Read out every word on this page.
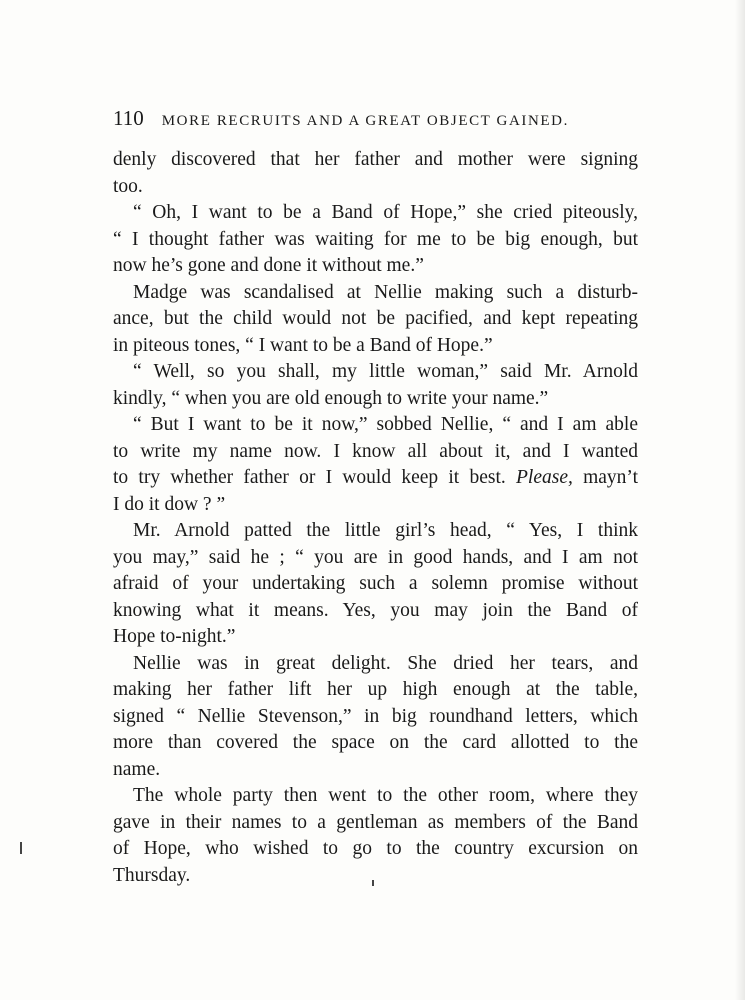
110 MORE RECRUITS AND A GREAT OBJECT GAINED.

denly discovered that her father and mother were signing
too.

“ Oh, I want to be a Band of Hope,” she cried piteously,
“ I thought father was waiting for me to be big enough, but
now he’s gone and done it without me.”

Madge was scandalised at Nellie making such a disturb-
ance, but the child would not be pacified, and kept repeating
in piteous tones, “ I want to be a Band of Hope.”

“ Well, so you shall, my little woman,” said Mr. Arnold
kindly, “ when you are old enough to write your name.”

“ But I want to be it now,” sobbed Nellie, “ and I am able
to write my name now. I know all about it, and I wanted
to try whether father or I would keep it best. Please, mayn’t
I do it dow ? ”

Mr. Arnold patted the little girl’s head, “ Yes, I think
you may,” said he ; “ you are in good hands, and I am not
afraid of your undertaking such a solemn promise without
knowing what it means. Yes, you may join the Band of
Hope to-night.”

Nellie was in great delight. She dried her tears, and
making her father lift her up high enough at the table,
signed “ Nellie Stevenson,” in big roundhand letters, which
more than covered the space on the card allotted to the
name.

The whole party then went to the other room, where they
gave in their names to a gentleman as members of the Band
of Hope, who wished to go to the country excursion on
Thursday.
